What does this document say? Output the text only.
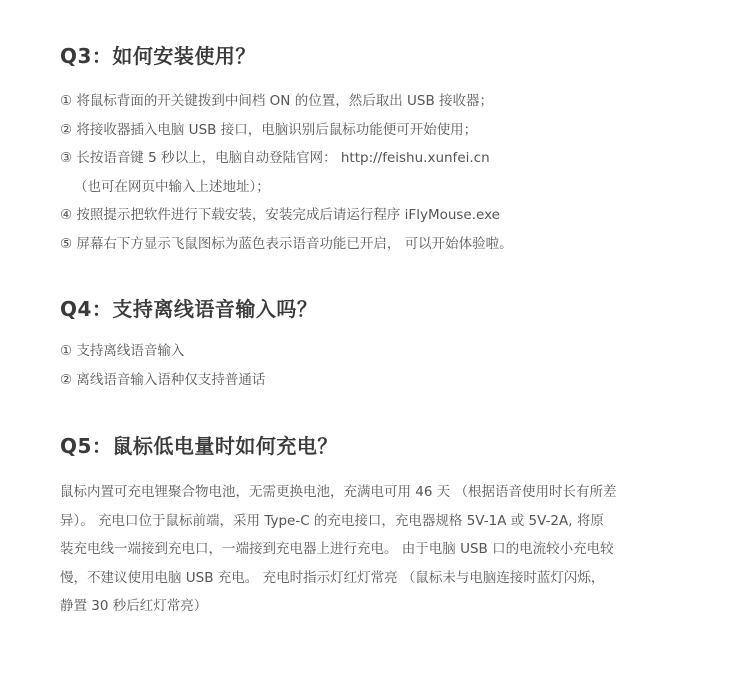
Q3：如何安装使用？
① 将鼠标背面的开关键拨到中间档 ON 的位置，然后取出 USB 接收器；
② 将接收器插入电脑 USB 接口，电脑识别后鼠标功能便可开始使用；
③ 长按语音键 5 秒以上，电脑自动登陆官网： http://feishu.xunfei.cn
（也可在网页中输入上述地址）；
④ 按照提示把软件进行下载安装，安装完成后请运行程序 iFlyMouse.exe
⑤ 屏幕右下方显示飞鼠图标为蓝色表示语音功能已开启， 可以开始体验啦。
Q4：支持离线语音输入吗？
① 支持离线语音输入
② 离线语音输入语种仅支持普通话
Q5：鼠标低电量时如何充电？
鼠标内置可充电锂聚合物电池，无需更换电池，充满电可用 46 天 （根据语音使用时长有所差
异）。 充电口位于鼠标前端，采用 Type-C 的充电接口，充电器规格 5V-1A 或 5V-2A, 将原
装充电线一端接到充电口，一端接到充电器上进行充电。 由于电脑 USB 口的电流较小充电较
慢，不建议使用电脑 USB 充电。 充电时指示灯红灯常亮 （鼠标未与电脑连接时蓝灯闪烁，
静置 30 秒后红灯常亮）
